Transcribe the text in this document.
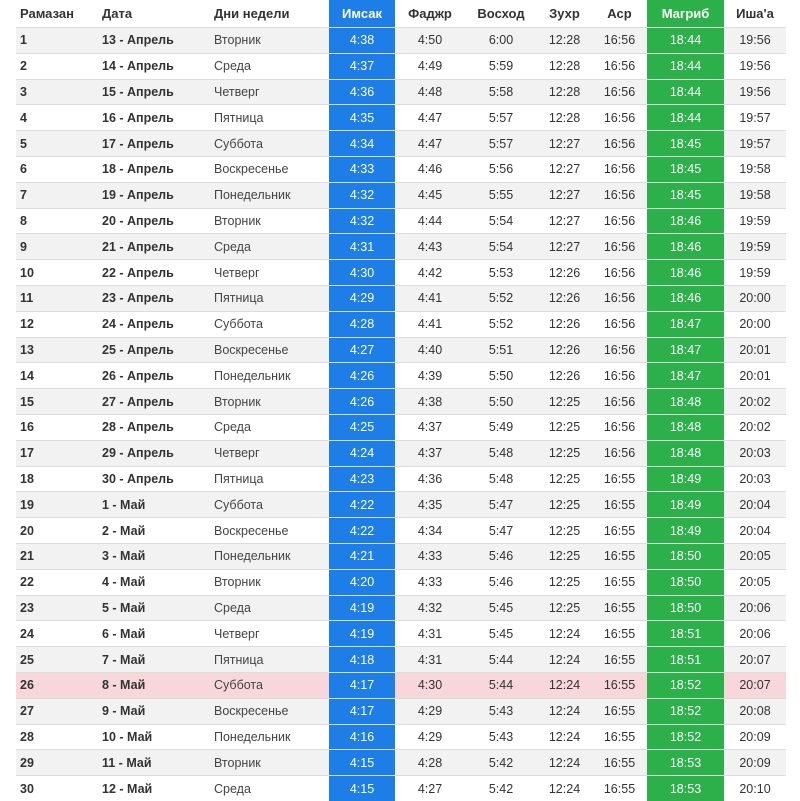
Рамазан	Дата	Дни недели	Имсак	Фаджр	Восход	Зухр	Аср	Магриб	Иша'а
1	13 - Апрель	Вторник	4:38	4:50	6:00	12:28	16:56	18:44	19:56
2	14 - Апрель	Среда	4:37	4:49	5:59	12:28	16:56	18:44	19:56
3	15 - Апрель	Четверг	4:36	4:48	5:58	12:28	16:56	18:44	19:56
4	16 - Апрель	Пятница	4:35	4:47	5:57	12:28	16:56	18:44	19:57
5	17 - Апрель	Суббота	4:34	4:47	5:57	12:27	16:56	18:45	19:57
6	18 - Апрель	Воскресенье	4:33	4:46	5:56	12:27	16:56	18:45	19:58
7	19 - Апрель	Понедельник	4:32	4:45	5:55	12:27	16:56	18:45	19:58
8	20 - Апрель	Вторник	4:32	4:44	5:54	12:27	16:56	18:46	19:59
9	21 - Апрель	Среда	4:31	4:43	5:54	12:27	16:56	18:46	19:59
10	22 - Апрель	Четверг	4:30	4:42	5:53	12:26	16:56	18:46	19:59
11	23 - Апрель	Пятница	4:29	4:41	5:52	12:26	16:56	18:46	20:00
12	24 - Апрель	Суббота	4:28	4:41	5:52	12:26	16:56	18:47	20:00
13	25 - Апрель	Воскресенье	4:27	4:40	5:51	12:26	16:56	18:47	20:01
14	26 - Апрель	Понедельник	4:26	4:39	5:50	12:26	16:56	18:47	20:01
15	27 - Апрель	Вторник	4:26	4:38	5:50	12:25	16:56	18:48	20:02
16	28 - Апрель	Среда	4:25	4:37	5:49	12:25	16:56	18:48	20:02
17	29 - Апрель	Четверг	4:24	4:37	5:48	12:25	16:56	18:48	20:03
18	30 - Апрель	Пятница	4:23	4:36	5:48	12:25	16:55	18:49	20:03
19	1 - Май	Суббота	4:22	4:35	5:47	12:25	16:55	18:49	20:04
20	2 - Май	Воскресенье	4:22	4:34	5:47	12:25	16:55	18:49	20:04
21	3 - Май	Понедельник	4:21	4:33	5:46	12:25	16:55	18:50	20:05
22	4 - Май	Вторник	4:20	4:33	5:46	12:25	16:55	18:50	20:05
23	5 - Май	Среда	4:19	4:32	5:45	12:25	16:55	18:50	20:06
24	6 - Май	Четверг	4:19	4:31	5:45	12:24	16:55	18:51	20:06
25	7 - Май	Пятница	4:18	4:31	5:44	12:24	16:55	18:51	20:07
26	8 - Май	Суббота	4:17	4:30	5:44	12:24	16:55	18:52	20:07
27	9 - Май	Воскресенье	4:17	4:29	5:43	12:24	16:55	18:52	20:08
28	10 - Май	Понедельник	4:16	4:29	5:43	12:24	16:55	18:52	20:09
29	11 - Май	Вторник	4:15	4:28	5:42	12:24	16:55	18:53	20:09
30	12 - Май	Среда	4:15	4:27	5:42	12:24	16:55	18:53	20:10
